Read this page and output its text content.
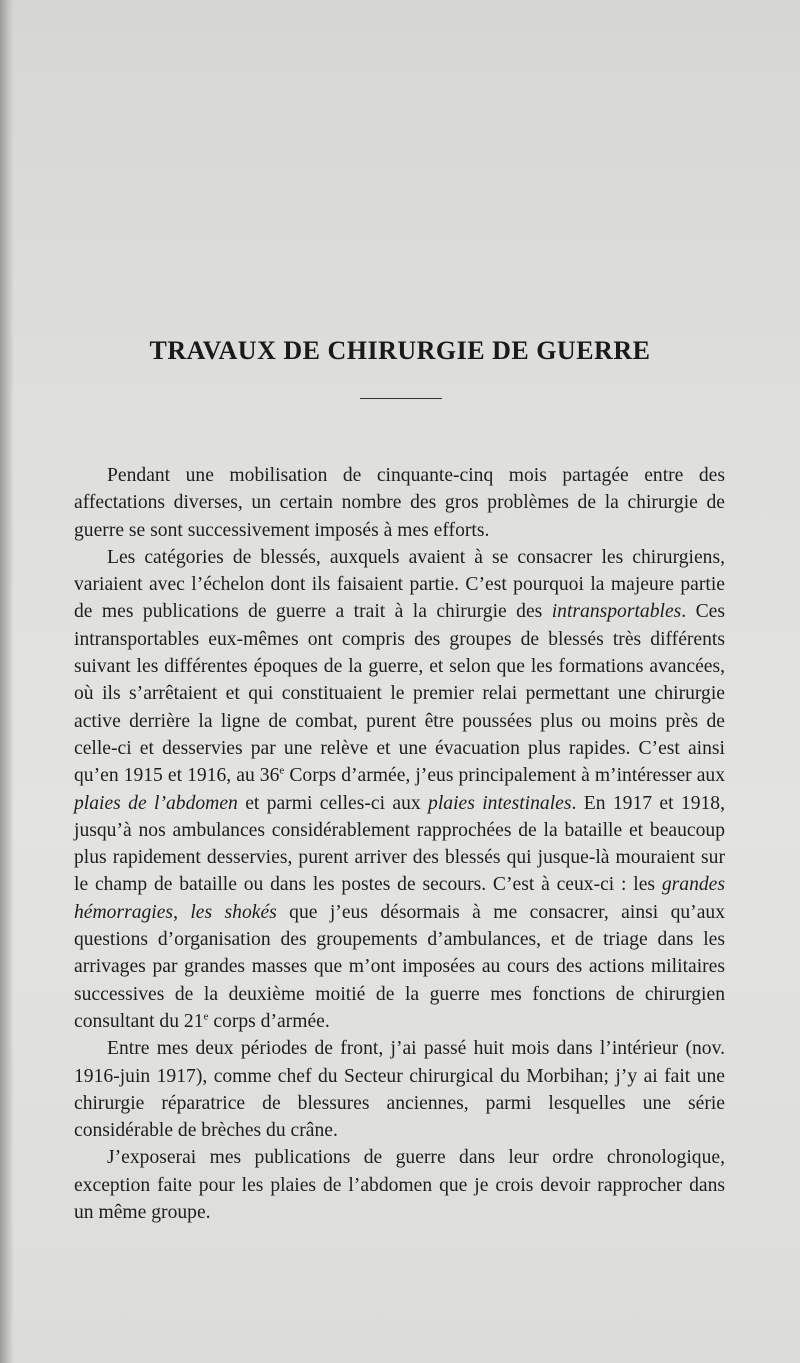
TRAVAUX DE CHIRURGIE DE GUERRE

Pendant une mobilisation de cinquante-cinq mois partagée entre des affectations diverses, un certain nombre des gros problèmes de la chirurgie de guerre se sont successivement imposés à mes efforts.

Les catégories de blessés, auxquels avaient à se consacrer les chirurgiens, variaient avec l’échelon dont ils faisaient partie. C’est pourquoi la majeure partie de mes publications de guerre a trait à la chirurgie des intransportables. Ces intransportables eux-mêmes ont compris des groupes de blessés très différents suivant les différentes époques de la guerre, et selon que les formations avancées, où ils s’arrêtaient et qui constituaient le premier relai permettant une chirurgie active derrière la ligne de combat, purent être poussées plus ou moins près de celle-ci et desservies par une relève et une évacuation plus rapides. C’est ainsi qu’en 1915 et 1916, au 36e Corps d’armée, j’eus principalement à m’intéresser aux plaies de l’abdomen et parmi celles-ci aux plaies intestinales. En 1917 et 1918, jusqu’à nos ambulances considérablement rapprochées de la bataille et beaucoup plus rapidement desservies, purent arriver des blessés qui jusque-là mouraient sur le champ de bataille ou dans les postes de secours. C’est à ceux-ci : les grandes hémorragies, les shokés que j’eus désormais à me consacrer, ainsi qu’aux questions d’organisation des groupements d’ambulances, et de triage dans les arrivages par grandes masses que m’ont imposées au cours des actions militaires successives de la deuxième moitié de la guerre mes fonctions de chirurgien consultant du 21e corps d’armée.

Entre mes deux périodes de front, j’ai passé huit mois dans l’intérieur (nov. 1916-juin 1917), comme chef du Secteur chirurgical du Morbihan; j’y ai fait une chirurgie réparatrice de blessures anciennes, parmi lesquelles une série considérable de brèches du crâne.

J’exposerai mes publications de guerre dans leur ordre chronologique, exception faite pour les plaies de l’abdomen que je crois devoir rapprocher dans un même groupe.
